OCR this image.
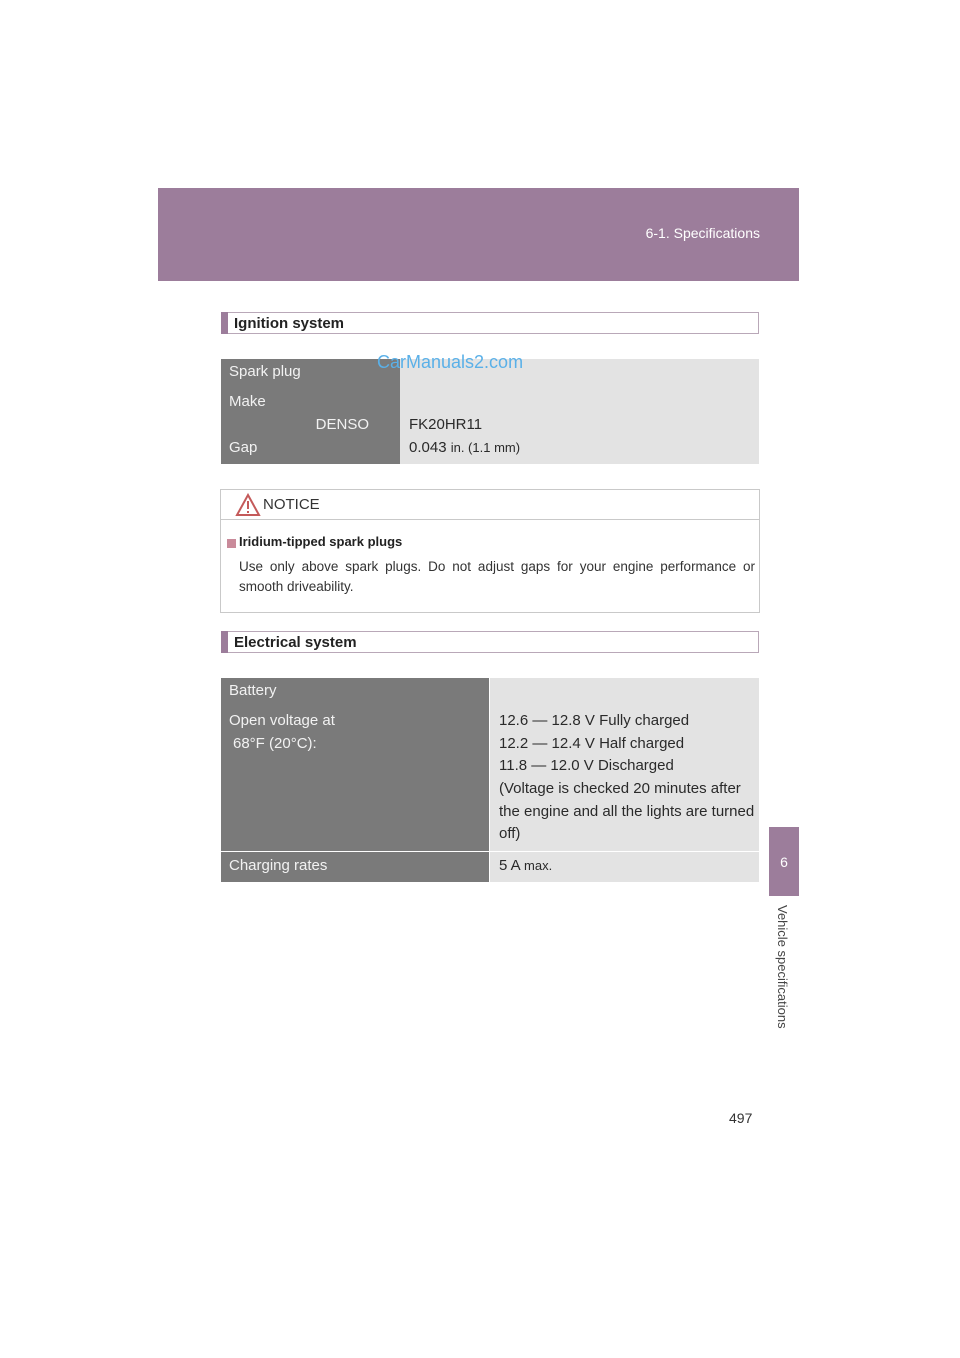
6-1. Specifications
6
Vehicle specifications
Ignition system
Spark plug
Make
DENSO
Gap
FK20HR11
0.043 in. (1.1 mm)
CarManuals2.com
NOTICE
Iridium-tipped spark plugs
Use only above spark plugs. Do not adjust gaps for your engine performance or smooth driveability.
Electrical system
Battery
Open voltage at
68°F (20°C):
12.6 — 12.8 V Fully charged
12.2 — 12.4 V Half charged
11.8 — 12.0 V Discharged
(Voltage is checked 20 minutes after
the engine and all the lights are turned
off)
Charging rates	5 A max.
497
